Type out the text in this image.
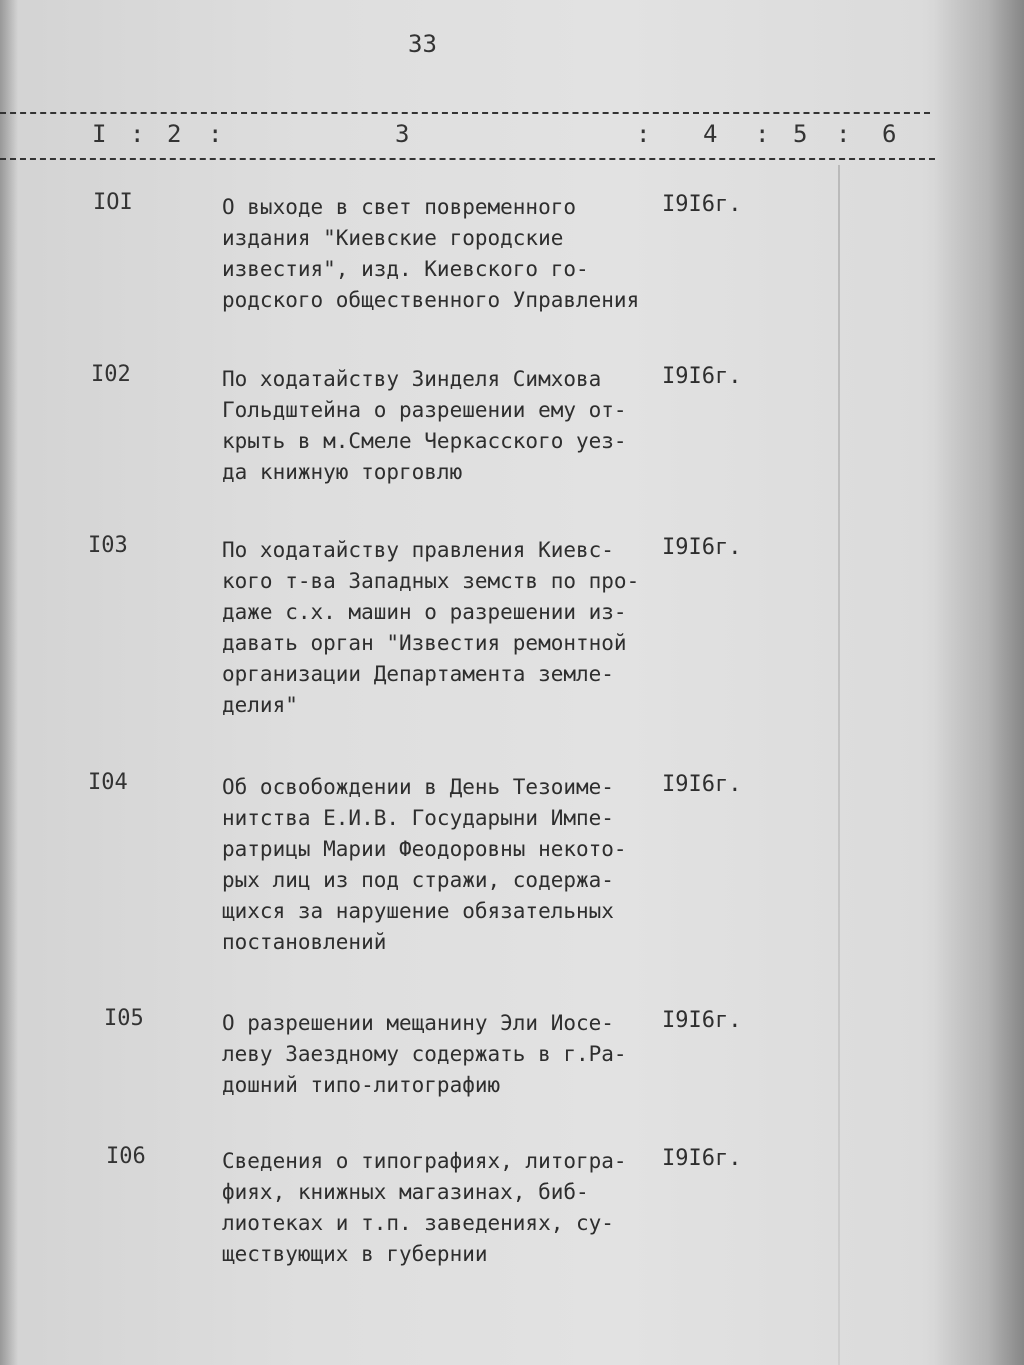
33
I : 2 :	3	: 4 : 5 : 6
IOI	О выходе в свет повременного
издания "Киевские городские
известия", изд. Киевского го-
родского общественного Управления
I9I6г.
I02	По ходатайству Зинделя Симхова
Гольдштейна о разрешении ему от-
крыть в м.Смеле Черкасского уез-
да книжную торговлю
I9I6г.
I03	По ходатайству правления Киевс-
кого т-ва Западных земств по про-
даже с.х. машин о разрешении из-
давать орган "Известия ремонтной
организации Департамента земле-
делия"
I9I6г.
I04	Об освобождении в День Тезоиме-
нитства Е.И.В. Государыни Импе-
ратрицы Марии Феодоровны некото-
рых лиц из под стражи, содержа-
щихся за нарушение обязательных
постановлений
I9I6г.
I05	О разрешении мещанину Эли Иосе-
леву Заездному содержать в г.Ра-
дошний типо-литографию
I9I6г.
I06	Сведения о типографиях, литогра-
фиях, книжных магазинах, биб-
лиотеках и т.п. заведениях, су-
ществующих в губернии
I9I6г.
